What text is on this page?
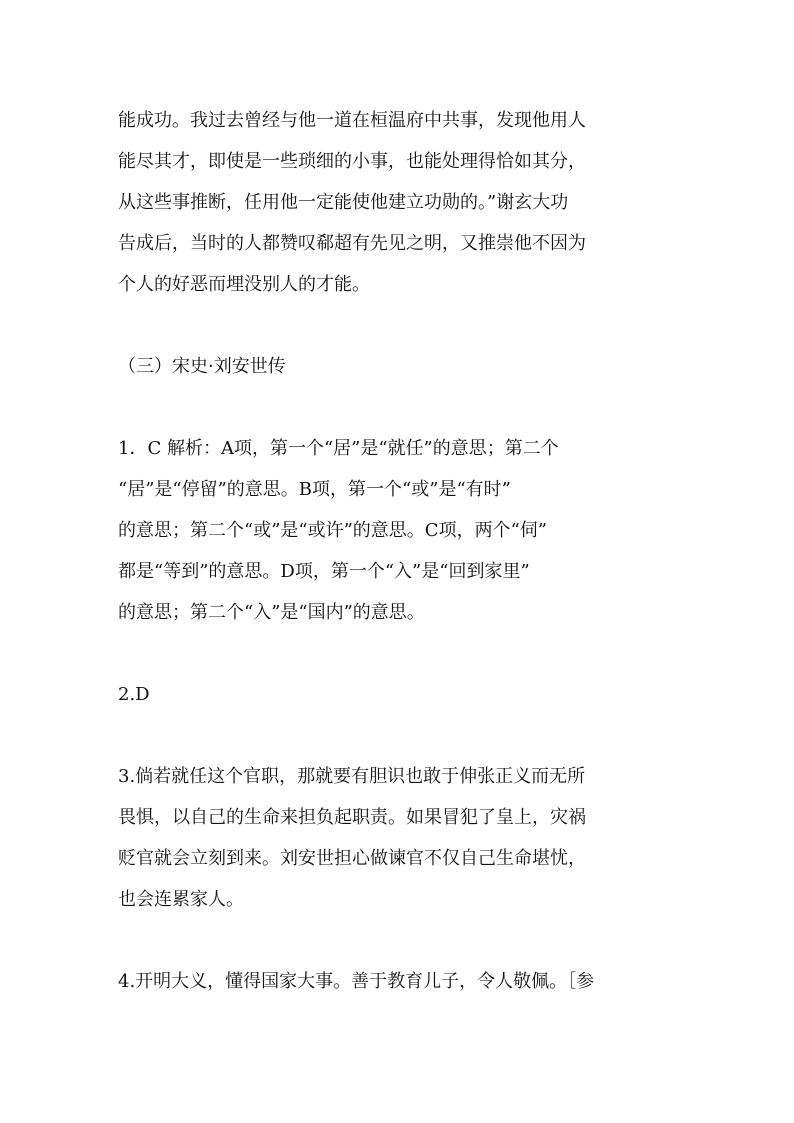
能成功。我过去曾经与他一道在桓温府中共事，发现他用人
能尽其才，即使是一些琐细的小事，也能处理得恰如其分，
从这些事推断，任用他一定能使他建立功勋的。”谢玄大功
告成后，当时的人都赞叹郗超有先见之明，又推崇他不因为
个人的好恶而埋没别人的才能。
（三）宋史·刘安世传
1．C 解析：A项，第一个“居”是“就任”的意思；第二个
“居”是“停留”的意思。B项，第一个“或”是“有时”
的意思；第二个“或”是“或许”的意思。C项，两个“伺”
都是“等到”的意思。D项，第一个“入”是“回到家里”
的意思；第二个“入”是“国内”的意思。
2.D
3.倘若就任这个官职，那就要有胆识也敢于伸张正义而无所
畏惧，以自己的生命来担负起职责。如果冒犯了皇上，灾祸
贬官就会立刻到来。刘安世担心做谏官不仅自己生命堪忧，
也会连累家人。
4.开明大义，懂得国家大事。善于教育儿子，令人敬佩。［参
